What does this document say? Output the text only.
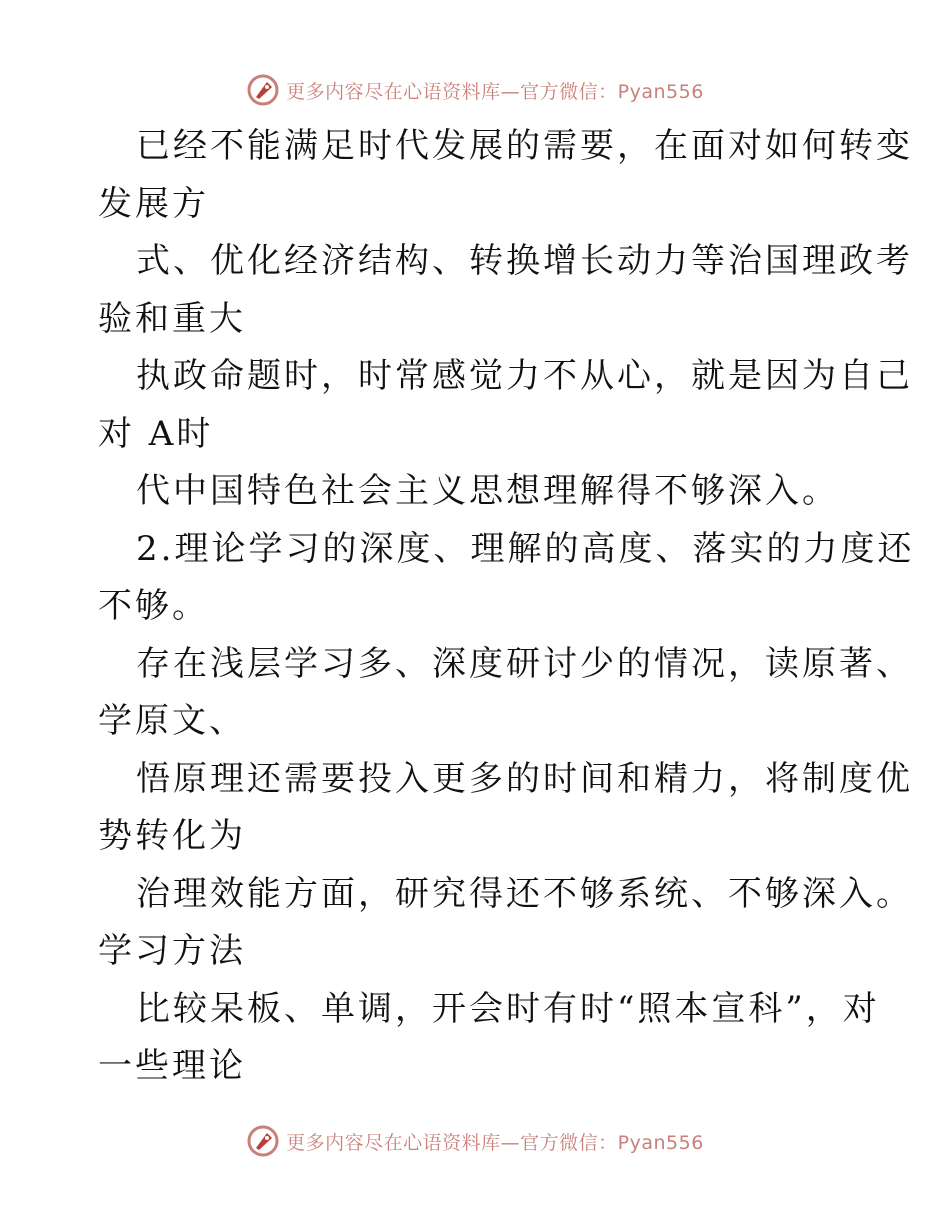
更多内容尽在心语资料库—官方微信：Pyan556
已经不能满足时代发展的需要，在面对如何转变
发展方
式、优化经济结构、转换增长动力等治国理政考
验和重大
执政命题时，时常感觉力不从心，就是因为自己
对 A时
代中国特色社会主义思想理解得不够深入。
2.理论学习的深度、理解的高度、落实的力度还
不够。
存在浅层学习多、深度研讨少的情况，读原著、
学原文、
悟原理还需要投入更多的时间和精力，将制度优
势转化为
治理效能方面，研究得还不够系统、不够深入。
学习方法
比较呆板、单调，开会时有时“照本宣科”，对
一些理论
更多内容尽在心语资料库—官方微信：Pyan556
